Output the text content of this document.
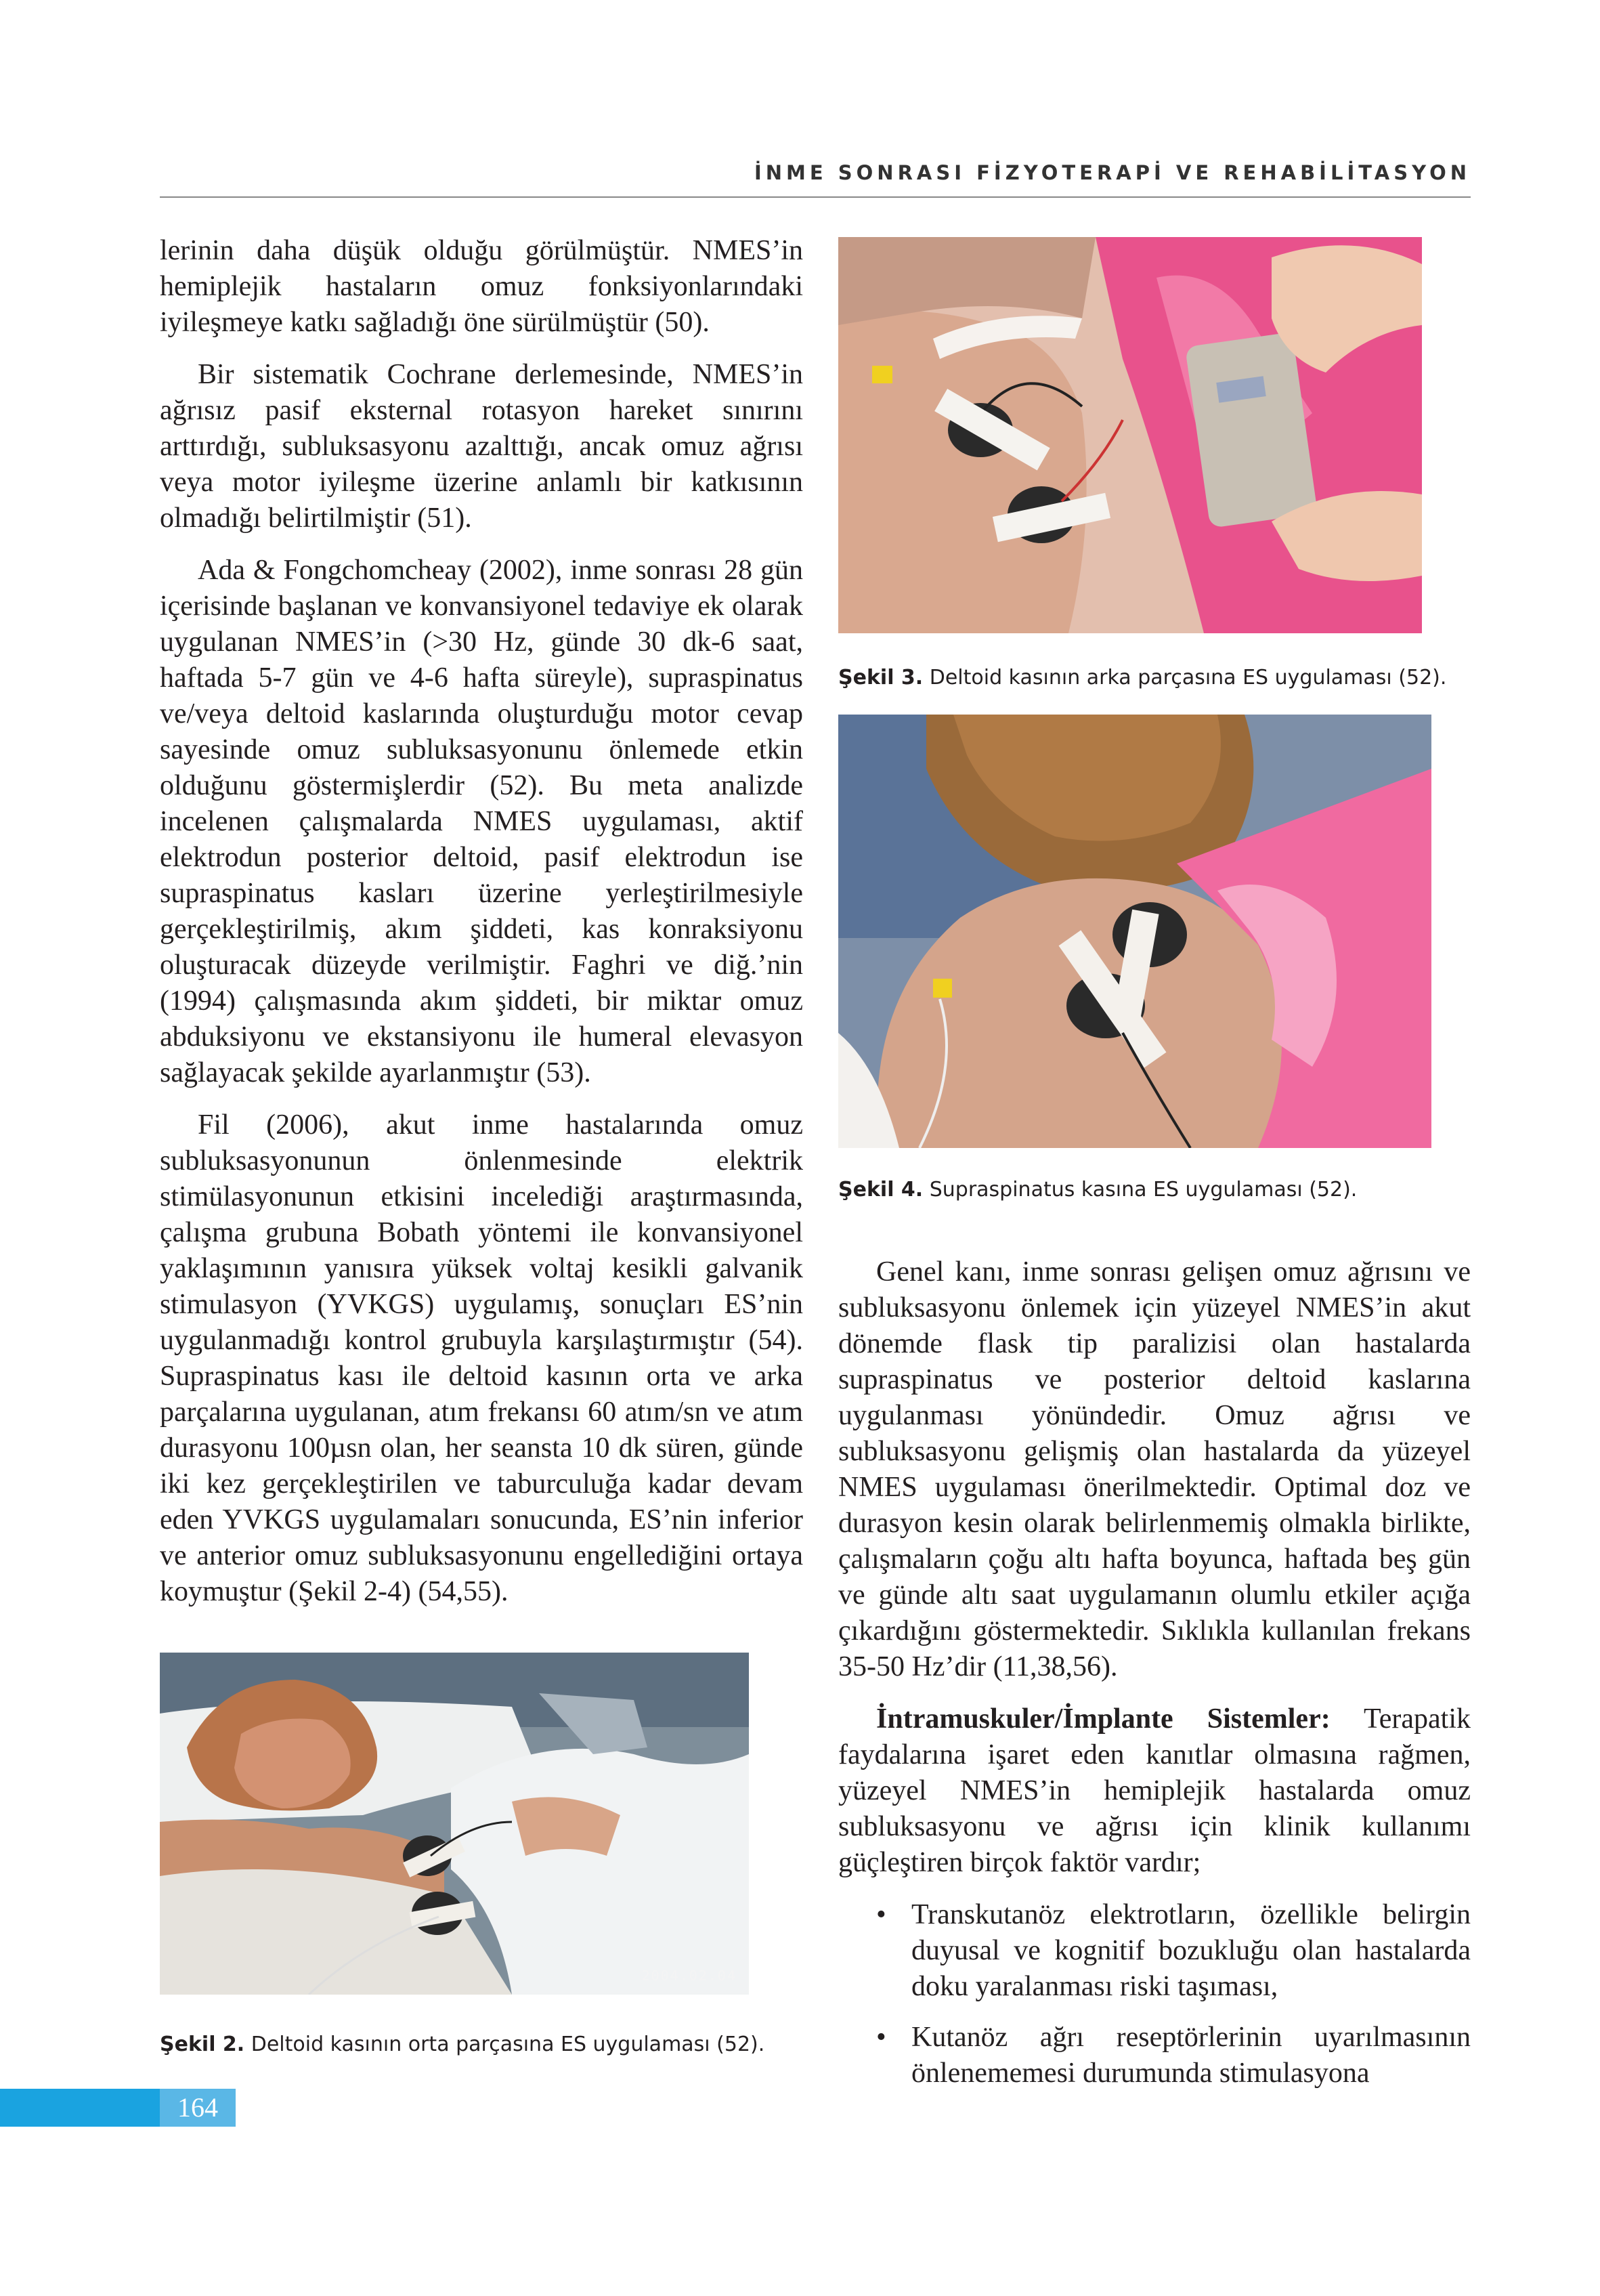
İNME SONRASI FİZYOTERAPİ VE REHABİLİTASYON

lerinin daha düşük olduğu görülmüştür. NMES’in hemiplejik hastaların omuz fonksiyonlarındaki iyileşmeye katkı sağladığı öne sürülmüştür (50).

Bir sistematik Cochrane derlemesinde, NMES’in ağrısız pasif eksternal rotasyon hareket sınırını arttırdığı, subluksasyonu azalttığı, ancak omuz ağrısı veya motor iyileşme üzerine anlamlı bir katkısının olmadığı belirtilmiştir (51).

Ada & Fongchomcheay (2002), inme sonrası 28 gün içerisinde başlanan ve konvansiyonel tedaviye ek olarak uygulanan NMES’in (>30 Hz, günde 30 dk-6 saat, haftada 5-7 gün ve 4-6 hafta süreyle), supraspinatus ve/veya deltoid kaslarında oluşturduğu motor cevap sayesinde omuz subluksasyonunu önlemede etkin olduğunu göstermişlerdir (52). Bu meta analizde incelenen çalışmalarda NMES uygulaması, aktif elektrodun posterior deltoid, pasif elektrodun ise supraspinatus kasları üzerine yerleştirilmesiyle gerçekleştirilmiş, akım şiddeti, kas konraksiyonu oluşturacak düzeyde verilmiştir. Faghri ve diğ.’nin (1994) çalışmasında akım şiddeti, bir miktar omuz abduksiyonu ve ekstansiyonu ile humeral elevasyon sağlayacak şekilde ayarlanmıştır (53).

Fil (2006), akut inme hastalarında omuz subluksasyonunun önlenmesinde elektrik stimülasyonunun etkisini incelediği araştırmasında, çalışma grubuna Bobath yöntemi ile konvansiyonel yaklaşımının yanısıra yüksek voltaj kesikli galvanik stimulasyon (YVKGS) uygulamış, sonuçları ES’nin uygulanmadığı kontrol grubuyla karşılaştırmıştır (54). Supraspinatus kası ile deltoid kasının orta ve arka parçalarına uygulanan, atım frekansı 60 atım/sn ve atım durasyonu 100µsn olan, her seansta 10 dk süren, günde iki kez gerçekleştirilen ve taburculuğa kadar devam eden YVKGS uygulamaları sonucunda, ES’nin inferior ve anterior omuz subluksasyonunu engellediğini ortaya koymuştur (Şekil 2-4) (54,55).

Şekil 3. Deltoid kasının arka parçasına ES uygulaması (52).
Şekil 4. Supraspinatus kasına ES uygulaması (52).

Genel kanı, inme sonrası gelişen omuz ağrısını ve subluksasyonu önlemek için yüzeyel NMES’in akut dönemde flask tip paralizisi olan hastalarda supraspinatus ve posterior deltoid kaslarına uygulanması yönündedir. Omuz ağrısı ve subluksasyonu gelişmiş olan hastalarda da yüzeyel NMES uygulaması önerilmektedir. Optimal doz ve durasyon kesin olarak belirlenmemiş olmakla birlikte, çalışmaların çoğu altı hafta boyunca, haftada beş gün ve günde altı saat uygulamanın olumlu etkiler açığa çıkardığını göstermektedir. Sıklıkla kullanılan frekans 35-50 Hz’dir (11,38,56).

İntramuskuler/İmplante Sistemler: Terapatik faydalarına işaret eden kanıtlar olmasına rağmen, yüzeyel NMES’in hemiplejik hastalarda omuz subluksasyonu ve ağrısı için klinik kullanımı güçleştiren birçok faktör vardır;

• Transkutanöz elektrotların, özellikle belirgin duyusal ve kognitif bozukluğu olan hastalarda doku yaralanması riski taşıması,
• Kutanöz ağrı reseptörlerinin uyarılmasının önlenememesi durumunda stimulasyona
2004.02.04
Şekil 2. Deltoid kasının orta parçasına ES uygulaması (52).
164
